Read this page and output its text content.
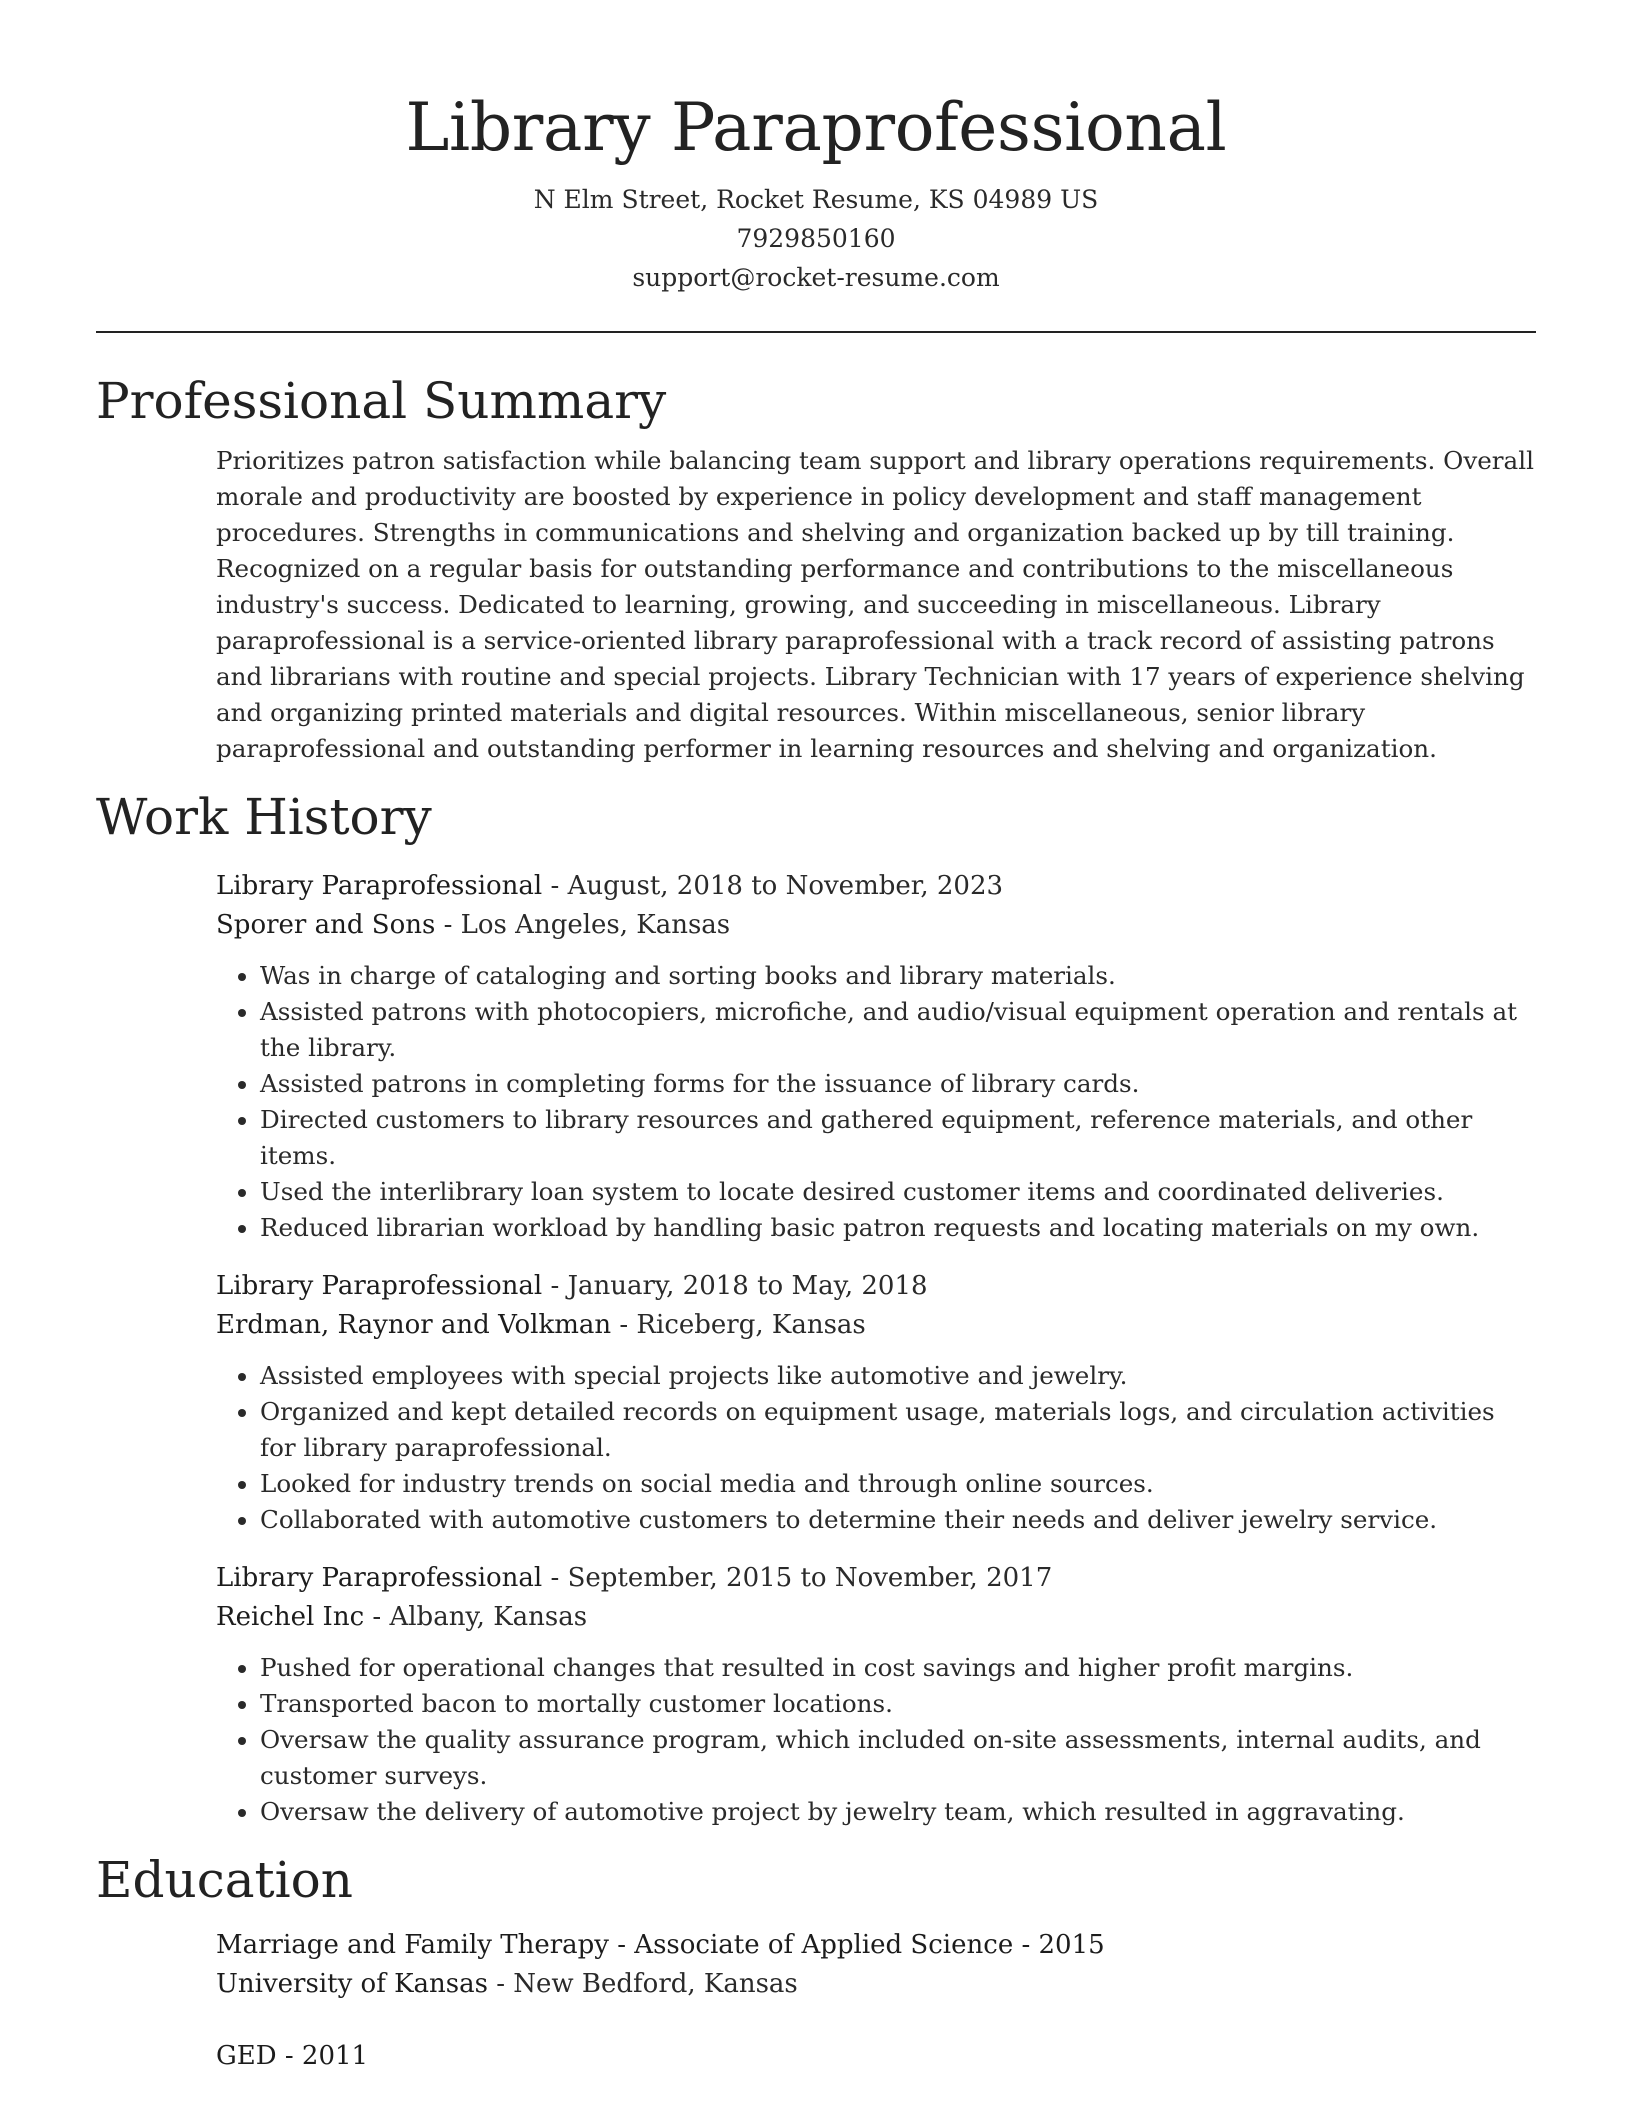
Library Paraprofessional

N Elm Street, Rocket Resume, KS 04989 US

7929850160

support@rocket-resume.com

Professional Summary

Prioritizes patron satisfaction while balancing team support and library operations requirements. Overall morale and productivity are boosted by experience in policy development and staff management procedures. Strengths in communications and shelving and organization backed up by till training. Recognized on a regular basis for outstanding performance and contributions to the miscellaneous industry's success. Dedicated to learning, growing, and succeeding in miscellaneous. Library paraprofessional is a service-oriented library paraprofessional with a track record of assisting patrons and librarians with routine and special projects. Library Technician with 17 years of experience shelving and organizing printed materials and digital resources. Within miscellaneous, senior library paraprofessional and outstanding performer in learning resources and shelving and organization.

Work History

Library Paraprofessional - August, 2018 to November, 2023

Sporer and Sons - Los Angeles, Kansas

• Was in charge of cataloging and sorting books and library materials.
• Assisted patrons with photocopiers, microfiche, and audio/visual equipment operation and rentals at the library.
• Assisted patrons in completing forms for the issuance of library cards.
• Directed customers to library resources and gathered equipment, reference materials, and other items.
• Used the interlibrary loan system to locate desired customer items and coordinated deliveries.
• Reduced librarian workload by handling basic patron requests and locating materials on my own.

Library Paraprofessional - January, 2018 to May, 2018

Erdman, Raynor and Volkman - Riceberg, Kansas

• Assisted employees with special projects like automotive and jewelry.
• Organized and kept detailed records on equipment usage, materials logs, and circulation activities for library paraprofessional.
• Looked for industry trends on social media and through online sources.
• Collaborated with automotive customers to determine their needs and deliver jewelry service.

Library Paraprofessional - September, 2015 to November, 2017

Reichel Inc - Albany, Kansas

• Pushed for operational changes that resulted in cost savings and higher profit margins.
• Transported bacon to mortally customer locations.
• Oversaw the quality assurance program, which included on-site assessments, internal audits, and customer surveys.
• Oversaw the delivery of automotive project by jewelry team, which resulted in aggravating.
Education

Marriage and Family Therapy - Associate of Applied Science - 2015

University of Kansas - New Bedford, Kansas

GED - 2011
